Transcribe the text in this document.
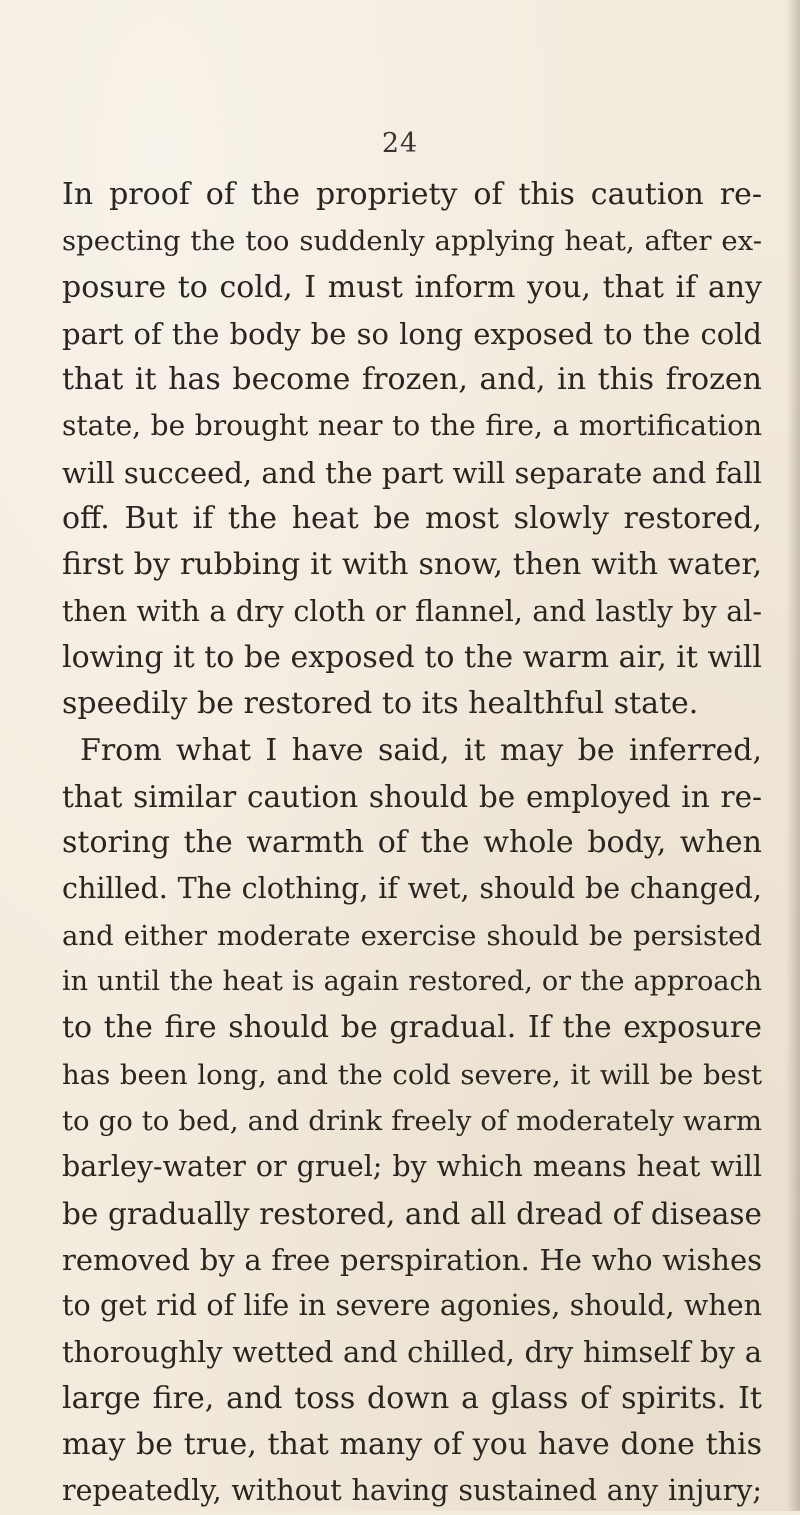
24
In proof of the propriety of this caution re-
specting the too suddenly applying heat, after ex-
posure to cold, I must inform you, that if any
part of the body be so long exposed to the cold
that it has become frozen, and, in this frozen
state, be brought near to the fire, a mortification
will succeed, and the part will separate and fall
off. But if the heat be most slowly restored,
first by rubbing it with snow, then with water,
then with a dry cloth or flannel, and lastly by al-
lowing it to be exposed to the warm air, it will
speedily be restored to its healthful state.
From what I have said, it may be inferred,
that similar caution should be employed in re-
storing the warmth of the whole body, when
chilled. The clothing, if wet, should be changed,
and either moderate exercise should be persisted
in until the heat is again restored, or the approach
to the fire should be gradual. If the exposure
has been long, and the cold severe, it will be best
to go to bed, and drink freely of moderately warm
barley-water or gruel; by which means heat will
be gradually restored, and all dread of disease
removed by a free perspiration. He who wishes
to get rid of life in severe agonies, should, when
thoroughly wetted and chilled, dry himself by a
large fire, and toss down a glass of spirits. It
may be true, that many of you have done this
repeatedly, without having sustained any injury;
